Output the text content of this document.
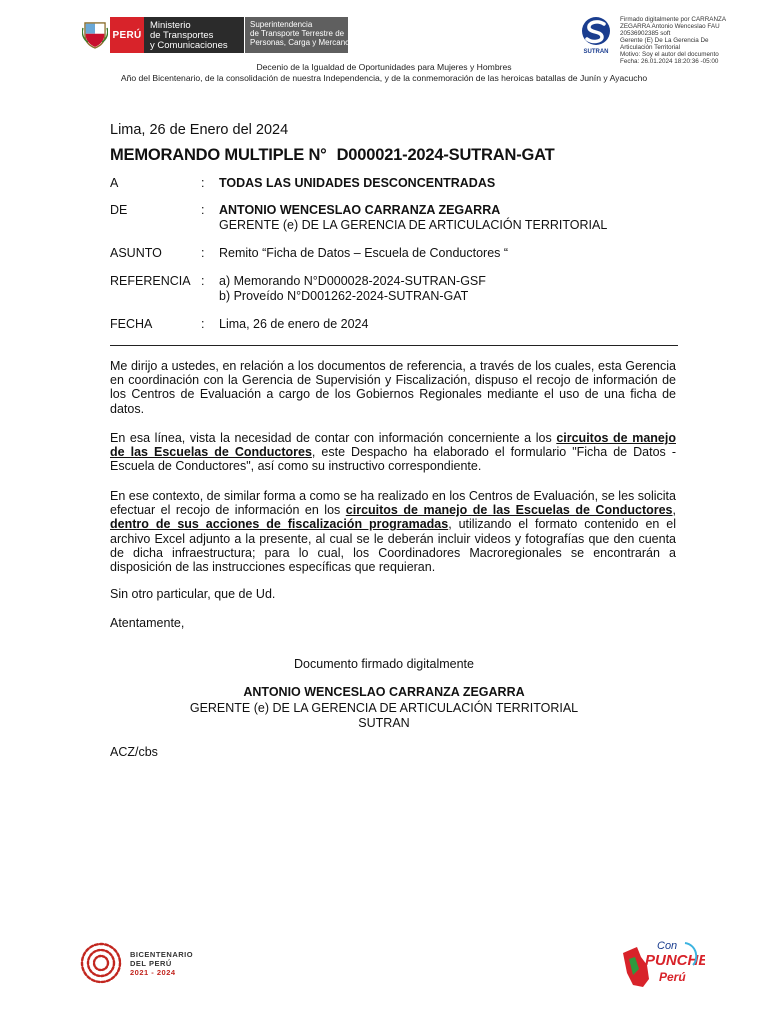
PERÚ
Ministerio
de Transportes
y Comunicaciones
Superintendencia
de Transporte Terrestre de
Personas, Carga y Mercancías
SUTRAN
Firmado digitalmente por CARRANZA
ZEGARRA Antonio Wenceslao FAU
20536902385 soft
Gerente (E) De La Gerencia De
Articulación Territorial
Motivo: Soy el autor del documento
Fecha: 26.01.2024 18:20:36 -05:00
Decenio de la Igualdad de Oportunidades para Mujeres y Hombres
Año del Bicentenario, de la consolidación de nuestra Independencia, y de la conmemoración de las heroicas batallas de Junín y Ayacucho
Lima, 26 de Enero del 2024
MEMORANDO MULTIPLE N° D000021-2024-SUTRAN-GAT
A	: TODAS LAS UNIDADES DESCONCENTRADAS
DE	: ANTONIO WENCESLAO CARRANZA ZEGARRA
GERENTE (e) DE LA GERENCIA DE ARTICULACIÓN TERRITORIAL
ASUNTO	: Remito “Ficha de Datos – Escuela de Conductores “
REFERENCIA : a) Memorando N°D000028-2024-SUTRAN-GSF
b) Proveído N°D001262-2024-SUTRAN-GAT
FECHA	: Lima, 26 de enero de 2024

Me dirijo a ustedes, en relación a los documentos de referencia, a través de los cuales, esta Gerencia en coordinación con la Gerencia de Supervisión y Fiscalización, dispuso el recojo de información de los Centros de Evaluación a cargo de los Gobiernos Regionales mediante el uso de una ficha de datos.

En esa línea, vista la necesidad de contar con información concerniente a los circuitos de manejo de las Escuelas de Conductores, este Despacho ha elaborado el formulario "Ficha de Datos - Escuela de Conductores", así como su instructivo correspondiente.

En ese contexto, de similar forma a como se ha realizado en los Centros de Evaluación, se les solicita efectuar el recojo de información en los circuitos de manejo de las Escuelas de Conductores, dentro de sus acciones de fiscalización programadas, utilizando el formato contenido en el archivo Excel adjunto a la presente, al cual se le deberán incluir videos y fotografías que den cuenta de dicha infraestructura; para lo cual, los Coordinadores Macroregionales se encontrarán a disposición de las instrucciones específicas que requieran.

Sin otro particular, que de Ud.

Atentamente,

Documento firmado digitalmente
ANTONIO WENCESLAO CARRANZA ZEGARRA
GERENTE (e) DE LA GERENCIA DE ARTICULACIÓN TERRITORIAL
SUTRAN
ACZ/cbs
BICENTENARIO
DEL PERÚ
2021 - 2024
Con
PUNCHE
Perú
